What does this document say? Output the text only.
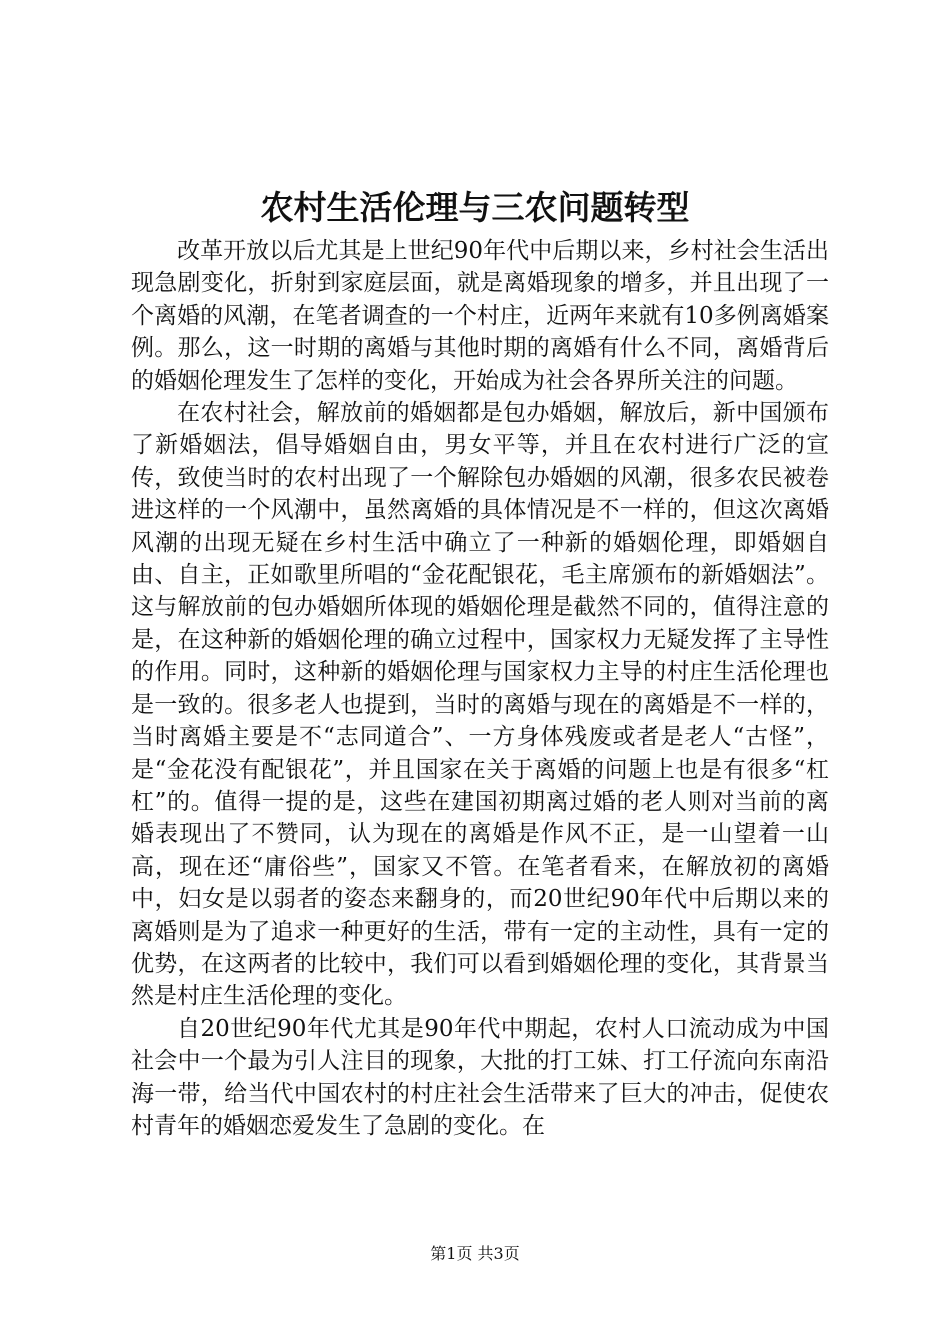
农村生活伦理与三农问题转型

改革开放以后尤其是上世纪90年代中后期以来，乡村社会生活出现急剧变化，折射到家庭层面，就是离婚现象的增多，并且出现了一个离婚的风潮，在笔者调查的一个村庄，近两年来就有10多例离婚案例。那么，这一时期的离婚与其他时期的离婚有什么不同，离婚背后的婚姻伦理发生了怎样的变化，开始成为社会各界所关注的问题。

在农村社会，解放前的婚姻都是包办婚姻，解放后，新中国颁布了新婚姻法，倡导婚姻自由，男女平等，并且在农村进行广泛的宣传，致使当时的农村出现了一个解除包办婚姻的风潮，很多农民被卷进这样的一个风潮中，虽然离婚的具体情况是不一样的，但这次离婚风潮的出现无疑在乡村生活中确立了一种新的婚姻伦理，即婚姻自由、自主，正如歌里所唱的“金花配银花，毛主席颁布的新婚姻法”。这与解放前的包办婚姻所体现的婚姻伦理是截然不同的，值得注意的是，在这种新的婚姻伦理的确立过程中，国家权力无疑发挥了主导性的作用。同时，这种新的婚姻伦理与国家权力主导的村庄生活伦理也是一致的。很多老人也提到，当时的离婚与现在的离婚是不一样的，当时离婚主要是不“志同道合”、一方身体残废或者是老人“古怪”，是“金花没有配银花”，并且国家在关于离婚的问题上也是有很多“杠杠”的。值得一提的是，这些在建国初期离过婚的老人则对当前的离婚表现出了不赞同，认为现在的离婚是作风不正，是一山望着一山高，现在还“庸俗些”，国家又不管。在笔者看来，在解放初的离婚中，妇女是以弱者的姿态来翻身的，而20世纪90年代中后期以来的离婚则是为了追求一种更好的生活，带有一定的主动性，具有一定的优势，在这两者的比较中，我们可以看到婚姻伦理的变化，其背景当然是村庄生活伦理的变化。

自20世纪90年代尤其是90年代中期起，农村人口流动成为中国社会中一个最为引人注目的现象，大批的打工妹、打工仔流向东南沿海一带，给当代中国农村的村庄社会生活带来了巨大的冲击，促使农村青年的婚姻恋爱发生了急剧的变化。在

第1页 共3页
